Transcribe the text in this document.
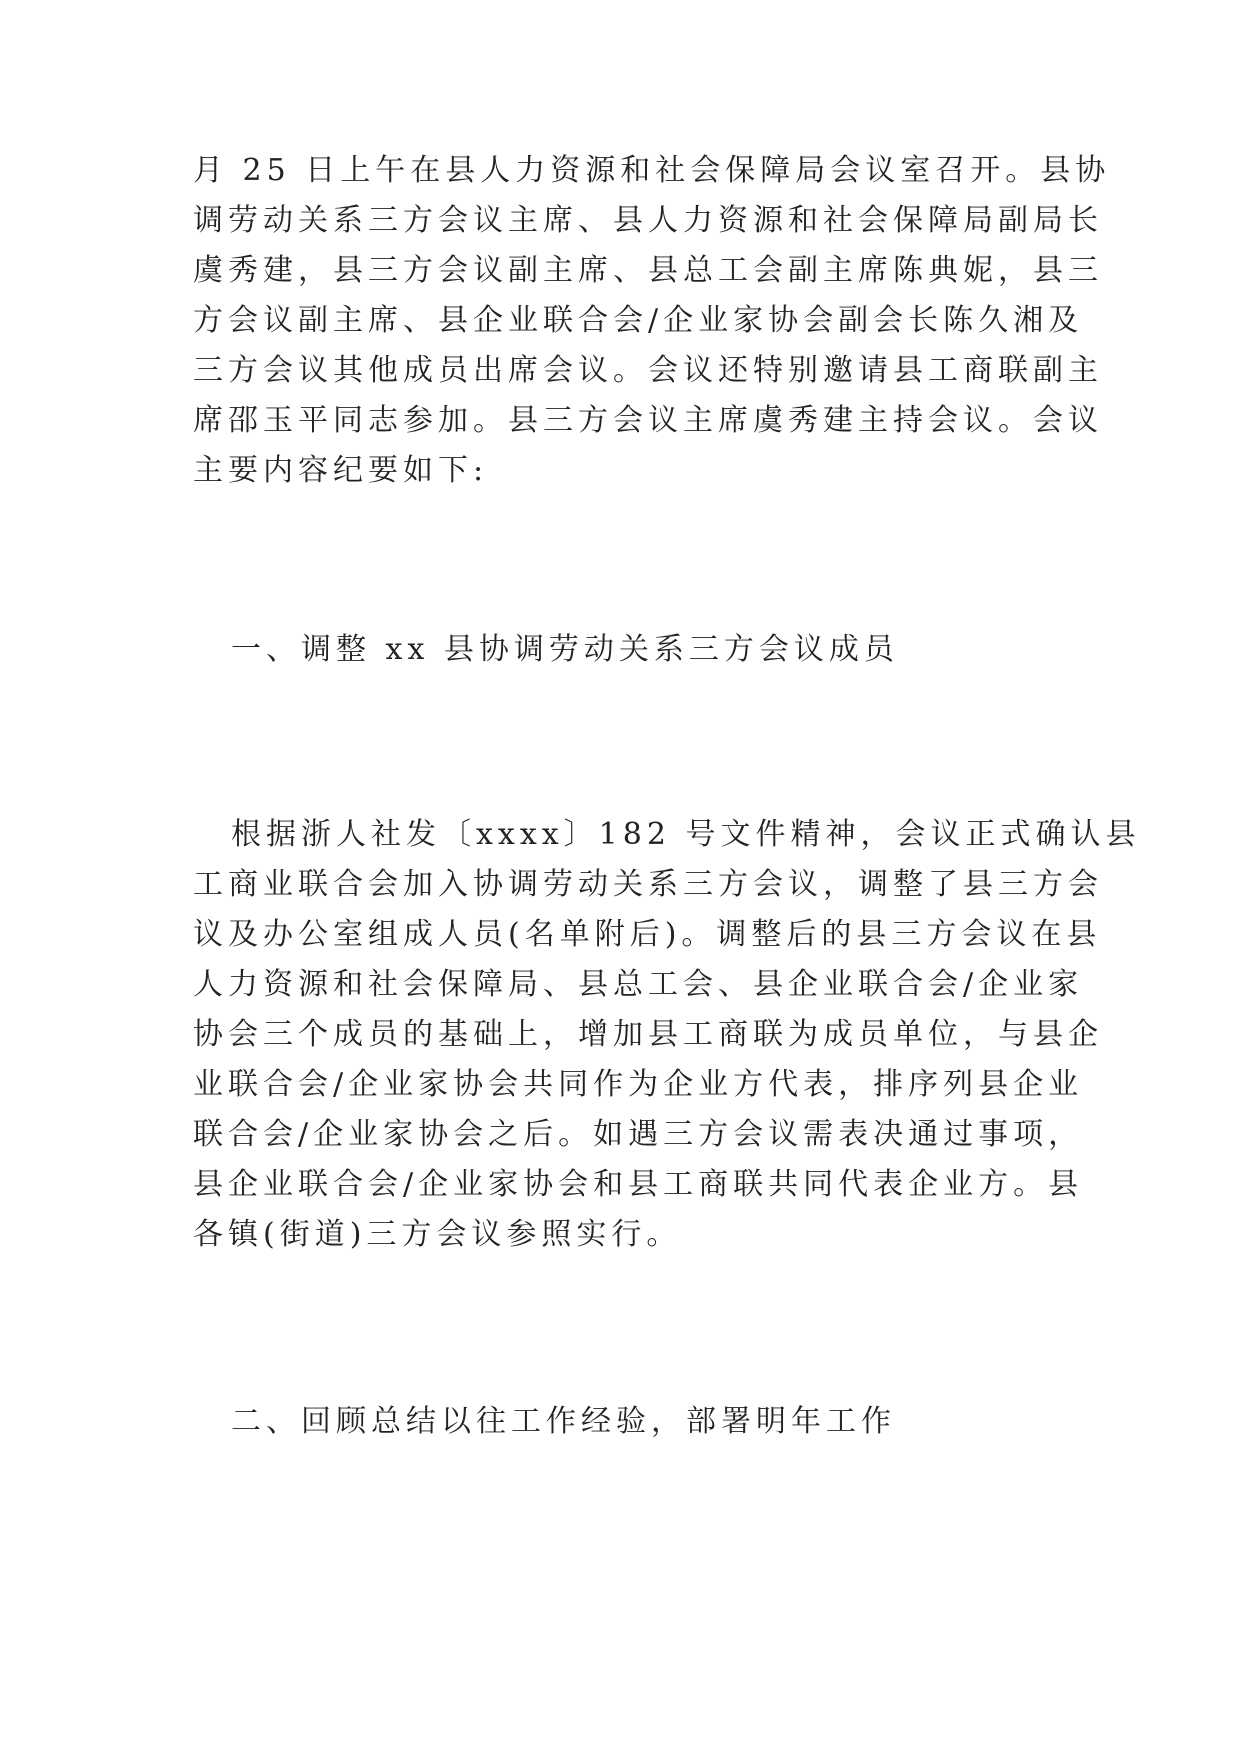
月 25 日上午在县人力资源和社会保障局会议室召开。县协

调劳动关系三方会议主席、县人力资源和社会保障局副局长

虞秀建，县三方会议副主席、县总工会副主席陈典妮，县三

方会议副主席、县企业联合会/企业家协会副会长陈久湘及

三方会议其他成员出席会议。会议还特别邀请县工商联副主

席邵玉平同志参加。县三方会议主席虞秀建主持会议。会议

主要内容纪要如下:

一、调整 xx 县协调劳动关系三方会议成员

根据浙人社发〔xxxx〕182 号文件精神，会议正式确认县

工商业联合会加入协调劳动关系三方会议，调整了县三方会

议及办公室组成人员(名单附后)。调整后的县三方会议在县

人力资源和社会保障局、县总工会、县企业联合会/企业家

协会三个成员的基础上，增加县工商联为成员单位，与县企

业联合会/企业家协会共同作为企业方代表，排序列县企业

联合会/企业家协会之后。如遇三方会议需表决通过事项，

县企业联合会/企业家协会和县工商联共同代表企业方。县

各镇(街道)三方会议参照实行。

二、回顾总结以往工作经验，部署明年工作
